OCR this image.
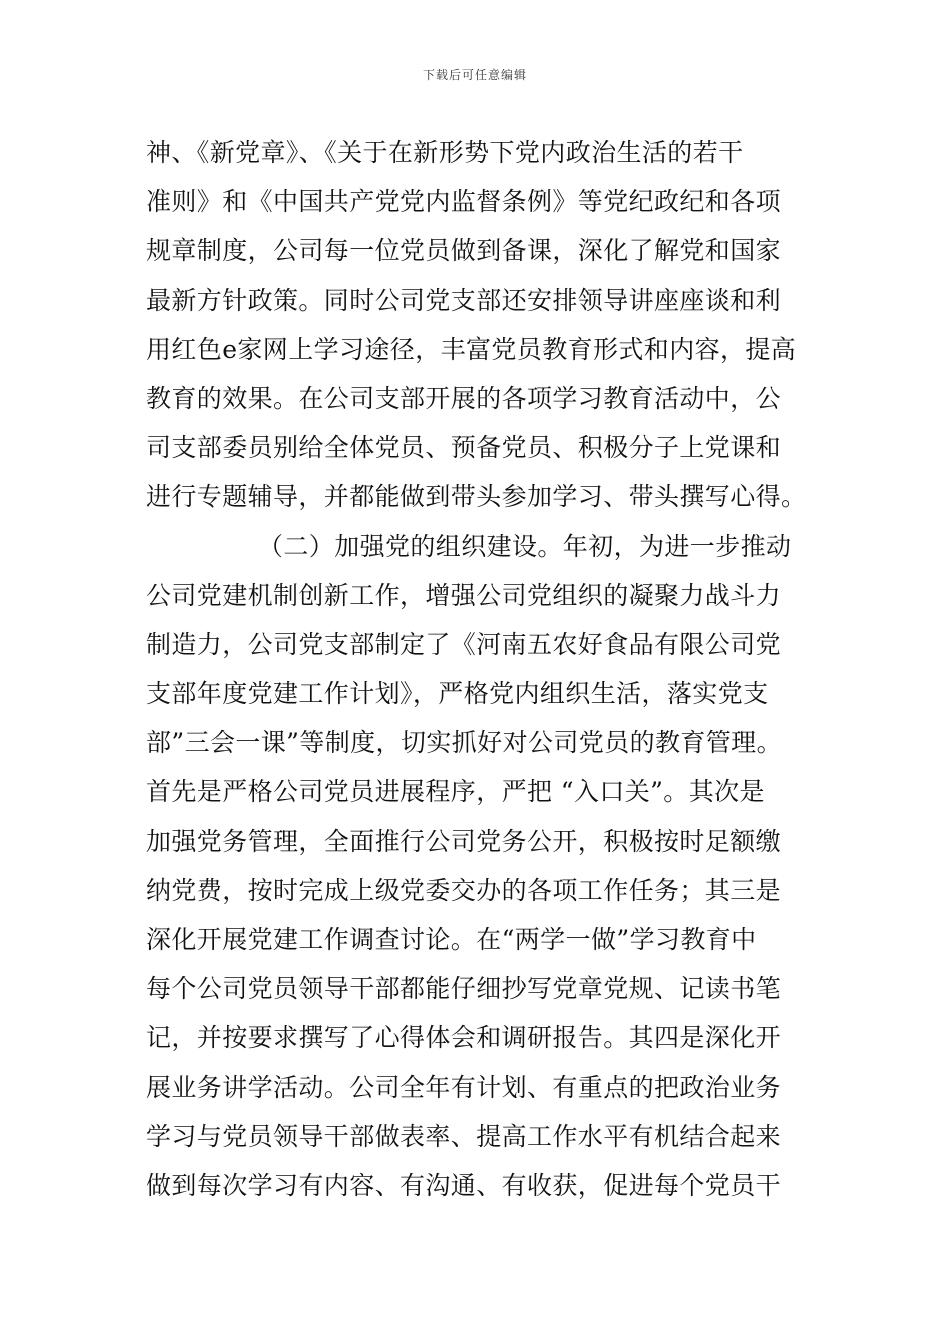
下载后可任意编辑
神、《新党章》、《关于在新形势下党内政治生活的若干
准则》和《中国共产党党内监督条例》等党纪政纪和各项
规章制度，公司每一位党员做到备课，深化了解党和国家
最新方针政策。同时公司党支部还安排领导讲座座谈和利
用红色e家网上学习途径，丰富党员教育形式和内容，提高
教育的效果。在公司支部开展的各项学习教育活动中，公
司支部委员别给全体党员、预备党员、积极分子上党课和
进行专题辅导，并都能做到带头参加学习、带头撰写心得。
（二）加强党的组织建设。年初，为进一步推动
公司党建机制创新工作，增强公司党组织的凝聚力战斗力
制造力，公司党支部制定了《河南五农好食品有限公司党
支部年度党建工作计划》，严格党内组织生活，落实党支
部”三会一课”等制度，切实抓好对公司党员的教育管理。
首先是严格公司党员进展程序，严把 “入口关”。其次是
加强党务管理，全面推行公司党务公开，积极按时足额缴
纳党费，按时完成上级党委交办的各项工作任务；其三是
深化开展党建工作调查讨论。在“两学一做”学习教育中
每个公司党员领导干部都能仔细抄写党章党规、记读书笔
记，并按要求撰写了心得体会和调研报告。其四是深化开
展业务讲学活动。公司全年有计划、有重点的把政治业务
学习与党员领导干部做表率、提高工作水平有机结合起来
做到每次学习有内容、有沟通、有收获，促进每个党员干
